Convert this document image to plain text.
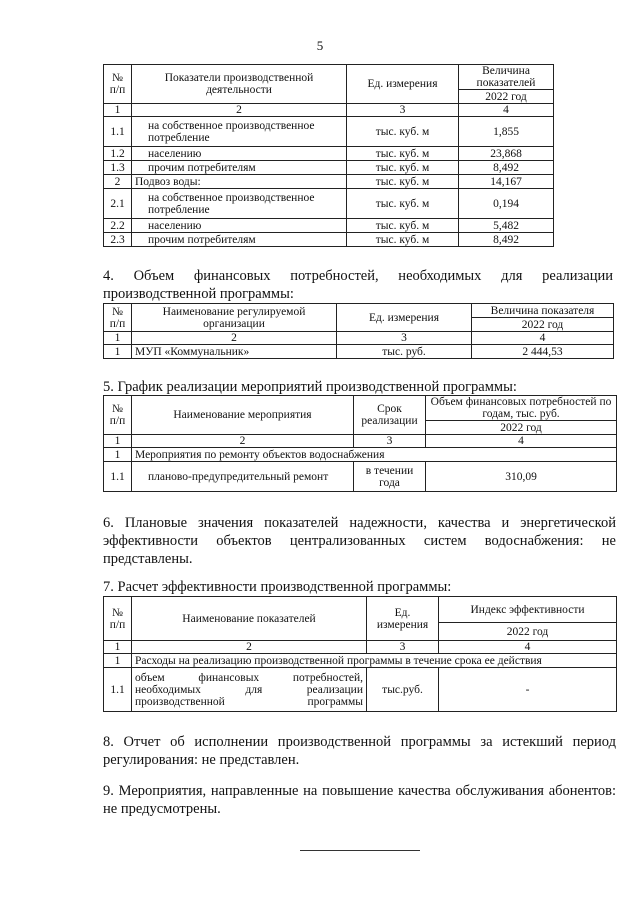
5
№ п/п	Показатели производственной деятельности	Ед. измерения	Величина показателей
			2022 год
1	2	3	4
1.1	на собственное производственное потребление	тыс. куб. м	1,855
1.2	населению	тыс. куб. м	23,868
1.3	прочим потребителям	тыс. куб. м	8,492
2	Подвоз воды:	тыс. куб. м	14,167
2.1	на собственное производственное потребление	тыс. куб. м	0,194
2.2	населению	тыс. куб. м	5,482
2.3	прочим потребителям	тыс. куб. м	8,492
4. Объем финансовых потребностей, необходимых для реализации производственной программы:
№ п/п	Наименование регулируемой организации	Ед. измерения	Величина показателя
			2022 год
1	2	3	4
1	МУП «Коммунальник»	тыс. руб.	2 444,53
5. График реализации мероприятий производственной программы:
№ п/п	Наименование мероприятия	Срок реализации	Объем финансовых потребностей по годам, тыс. руб.
			2022 год
1	2	3	4
1	Мероприятия по ремонту объектов водоснабжения		
1.1	планово-предупредительный ремонт	в течении года	310,09
6. Плановые значения показателей надежности, качества и энергетической эффективности объектов централизованных систем водоснабжения: не представлены.
7. Расчет эффективности производственной программы:
№ п/п	Наименование показателей	Ед. измерения	Индекс эффективности
			2022 год
1	2	3	4
1	Расходы на реализацию производственной программы в течение срока ее действия		
1.1	объем финансовых потребностей, необходимых для реализации производственной программы	тыс.руб.	-
8. Отчет об исполнении производственной программы за истекший период регулирования: не представлен.
9. Мероприятия, направленные на повышение качества обслуживания абонентов: не предусмотрены.
